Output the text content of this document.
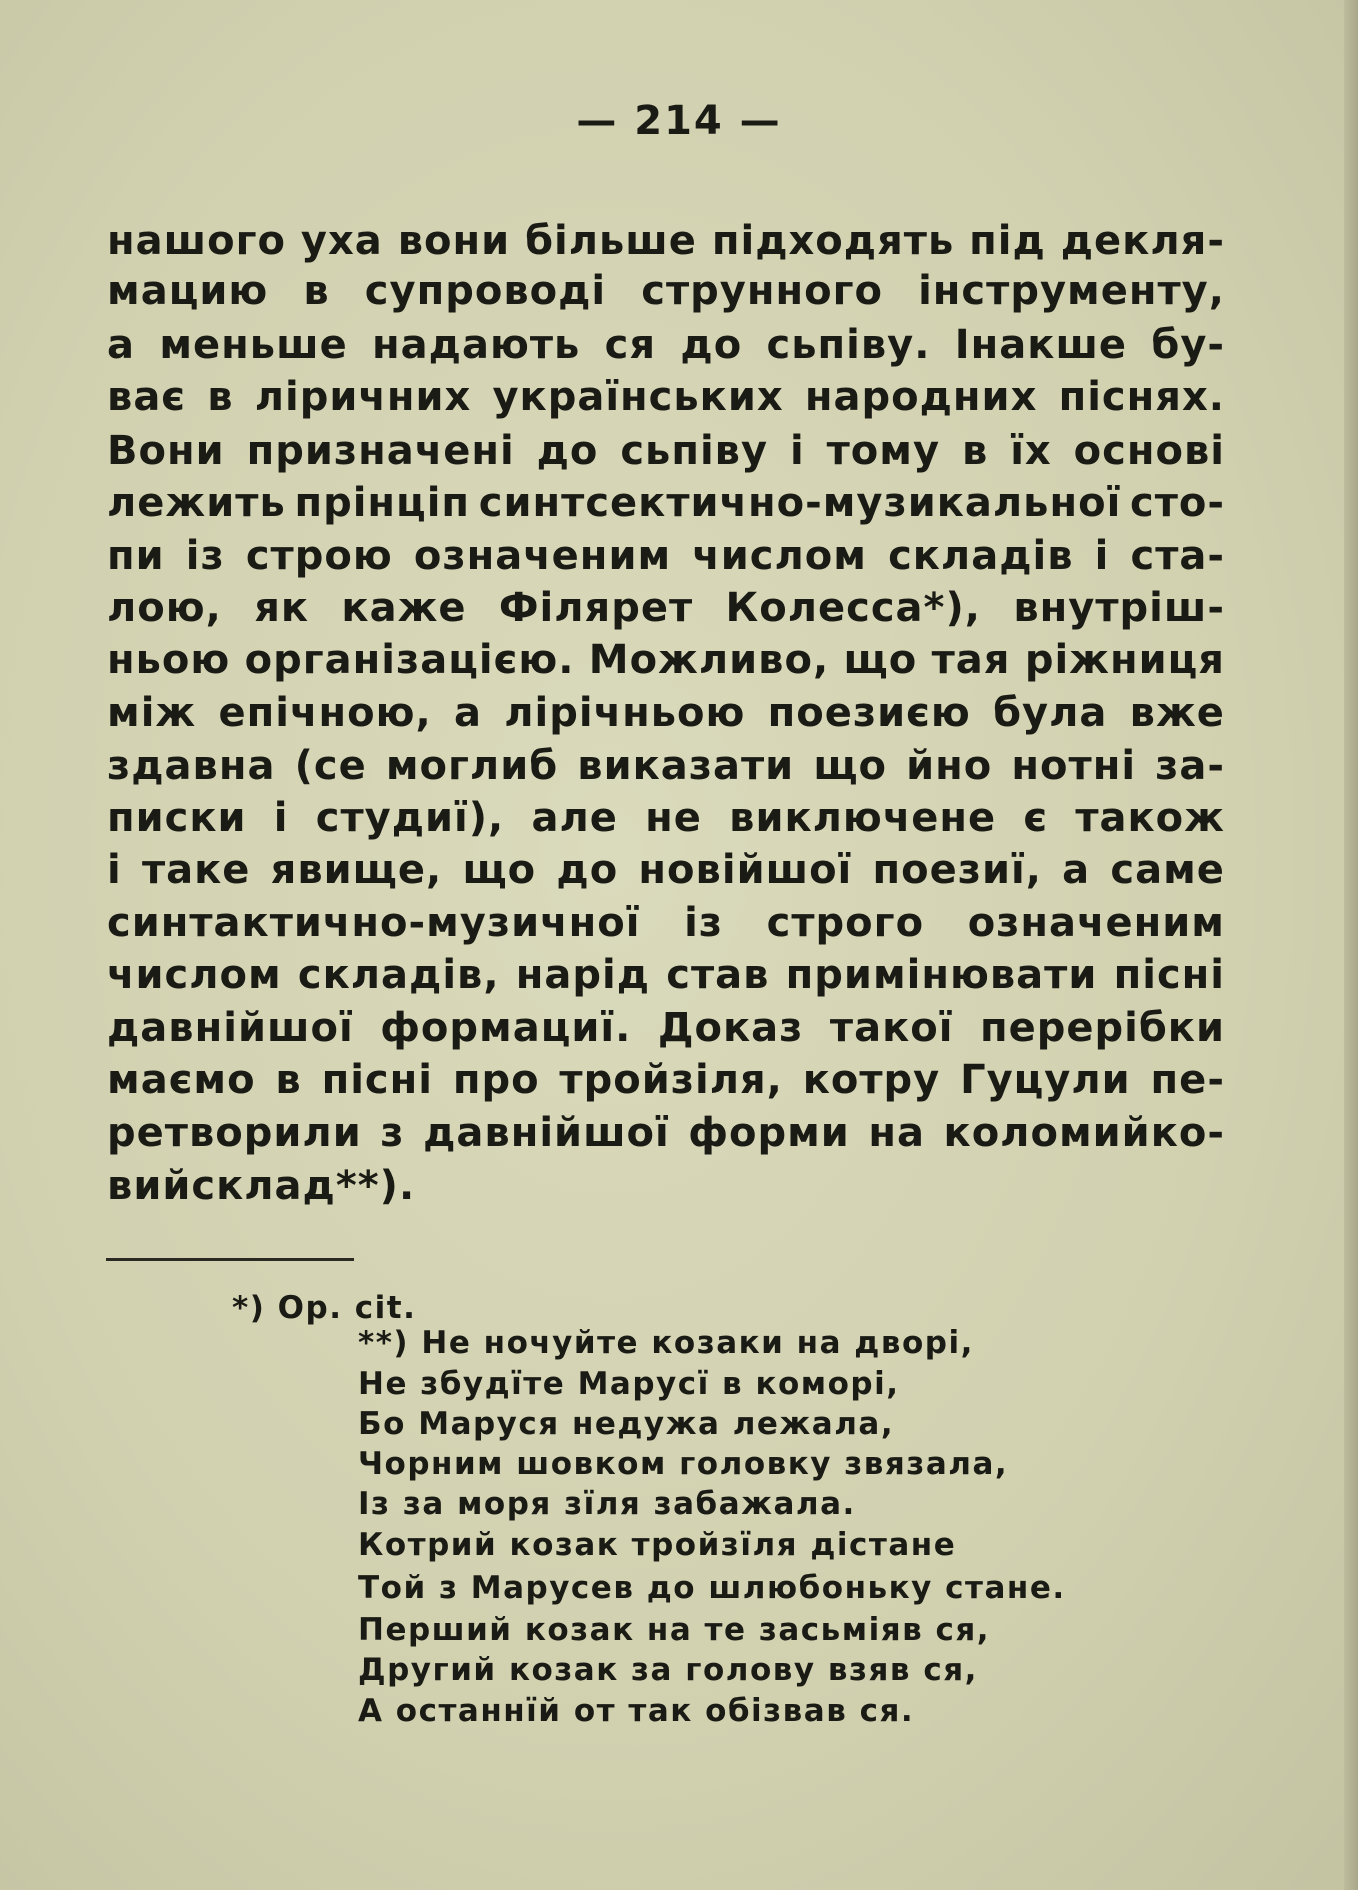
— 214 —
нашого уха вони більше підходять під декля-
мацию в супроводі струнного інструменту,
а меньше надають ся до сьпіву. Інакше бу-
ває в ліричних українських народних піснях.
Вони призначені до сьпіву і тому в їх основі
лежить прінціп синтсектично-музикальної сто-
пи із строю означеним числом складів і ста-
лою, як каже Філярет Колесса*), внутріш-
ньою організацією. Можливо, що тая ріжниця
між епічною, а лірічньою поезиєю була вже
здавна (се моглиб виказати що йно нотні за-
писки і студиї), але не виключене є також
і таке явище, що до новійшої поезиї, а саме
синтактично-музичної із строго означеним
числом складів, нарід став примінювати пісні
давнійшої формациї. Доказ такої перерібки
маємо в пісні про тройзіля, котру Гуцули пе-
ретворили з давнійшої форми на коломийко-
вий склад**).
*) Op. cit.
**) Не ночуйте козаки на дворі,
Не збудїте Марусї в коморі,
Бо Маруся недужа лежала,
Чорним шовком головку звязала,
Із за моря зїля забажала.
Котрий козак тройзїля дістане
Той з Марусев до шлюбоньку стане.
Перший козак на те засьміяв ся,
Другий козак за голову взяв ся,
А останнїй от так обізвав ся.
